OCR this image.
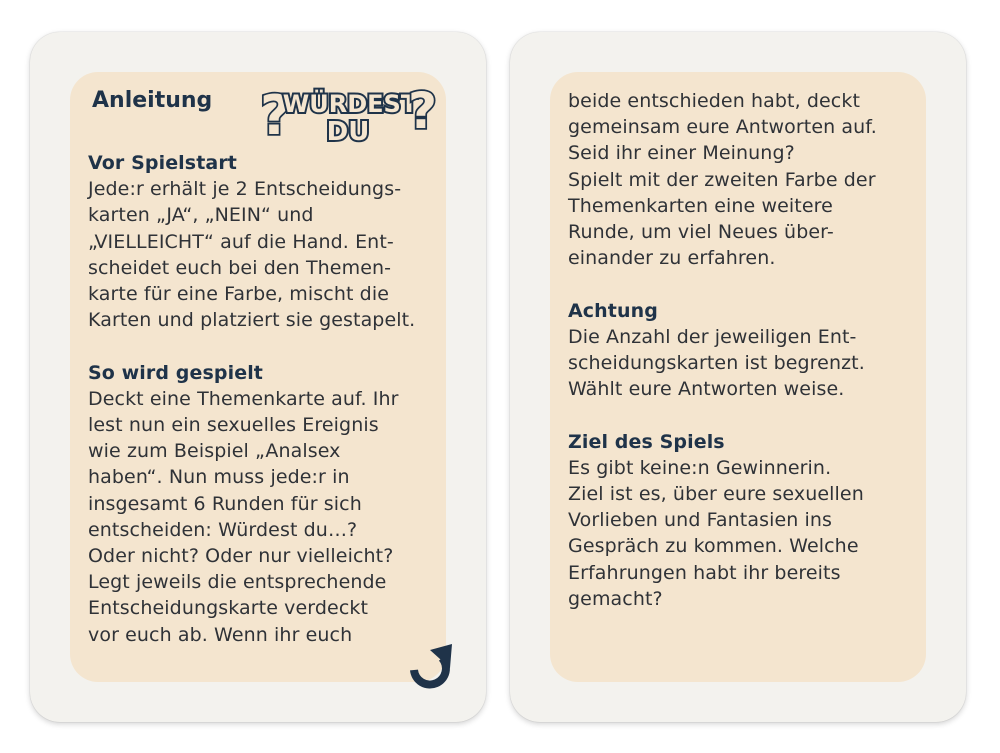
Anleitung ?
WÜRDEST
DU ?
Vor Spielstart
Jede:r erhält je 2 Entscheidungs-
karten „JA“, „NEIN“ und
„VIELLEICHT“ auf die Hand. Ent-
scheidet euch bei den Themen-
karte für eine Farbe, mischt die
Karten und platziert sie gestapelt.
So wird gespielt
Deckt eine Themenkarte auf. Ihr
lest nun ein sexuelles Ereignis
wie zum Beispiel „Analsex
haben“. Nun muss jede:r in
insgesamt 6 Runden für sich
entscheiden: Würdest du…?
Oder nicht? Oder nur vielleicht?
Legt jeweils die entsprechende
Entscheidungskarte verdeckt
vor euch ab. Wenn ihr euch
beide entschieden habt, deckt
gemeinsam eure Antworten auf.
Seid ihr einer Meinung?
Spielt mit der zweiten Farbe der
Themenkarten eine weitere
Runde, um viel Neues über-
einander zu erfahren.
Achtung
Die Anzahl der jeweiligen Ent-
scheidungskarten ist begrenzt.
Wählt eure Antworten weise.
Ziel des Spiels
Es gibt keine:n Gewinnerin.
Ziel ist es, über eure sexuellen
Vorlieben und Fantasien ins
Gespräch zu kommen. Welche
Erfahrungen habt ihr bereits
gemacht?
